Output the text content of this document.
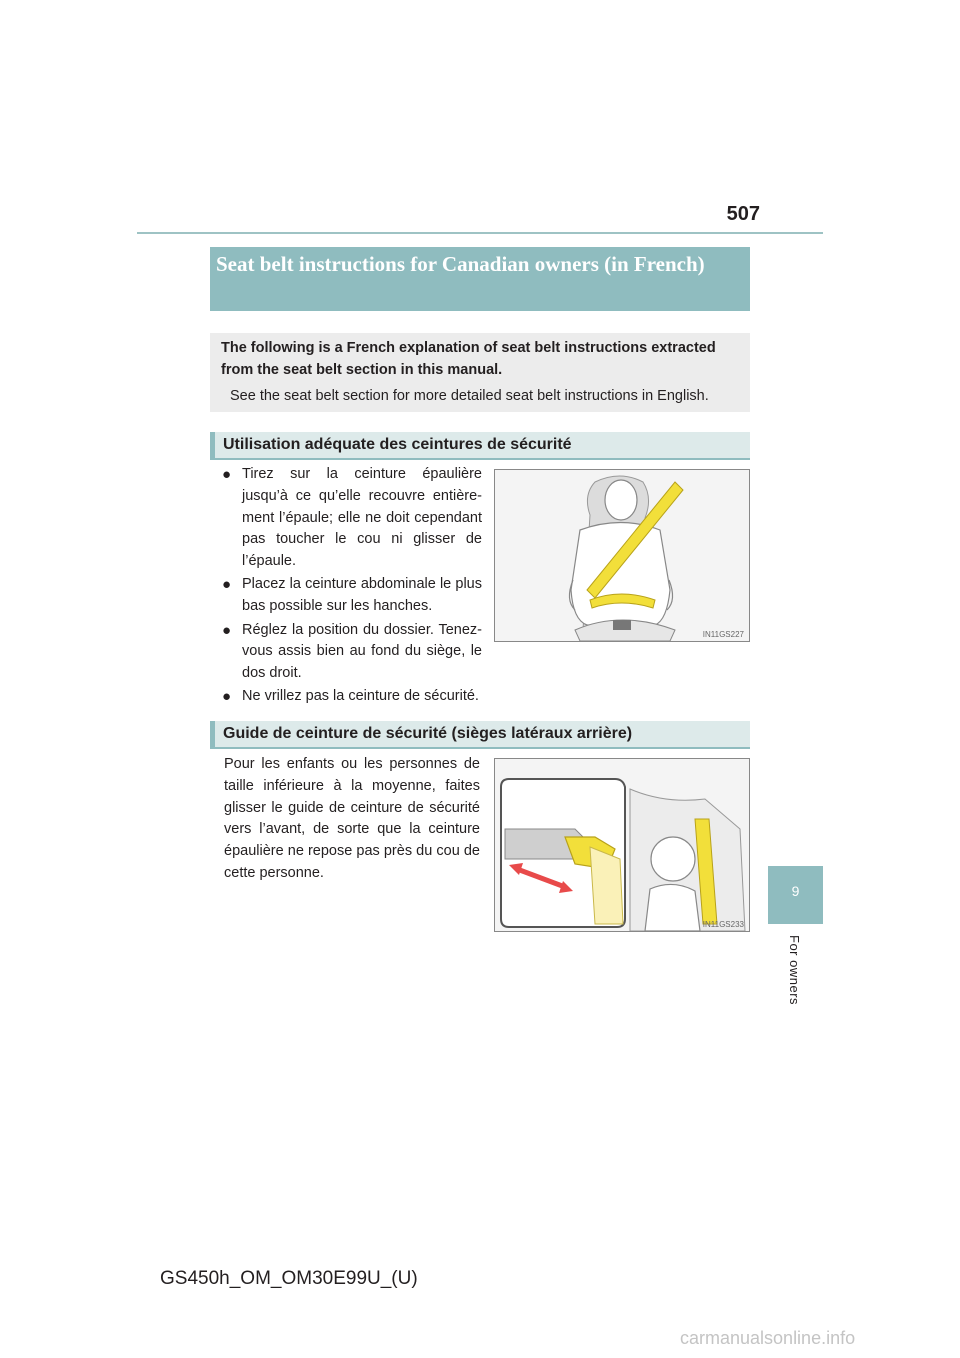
507
Seat belt instructions for Canadian owners (in French)
The following is a French explanation of seat belt instructions extracted from the seat belt section in this manual.
See the seat belt section for more detailed seat belt instructions in English.
Utilisation adéquate des ceintures de sécurité
● Tirez sur la ceinture épaulière jusqu’à ce qu’elle recouvre entière-ment l’épaule; elle ne doit cependant pas toucher le cou ni glisser de l’épaule.
● Placez la ceinture abdominale le plus bas possible sur les hanches.
● Réglez la position du dossier. Tenez-vous assis bien au fond du siège, le dos droit.
● Ne vrillez pas la ceinture de sécurité.
IN11GS227
Guide de ceinture de sécurité (sièges latéraux arrière)
Pour les enfants ou les personnes de taille inférieure à la moyenne, faites glisser le guide de ceinture de sécurité vers l’avant, de sorte que la ceinture épaulière ne repose pas près du cou de cette personne.
IN11GS233
9
For owners
GS450h_OM_OM30E99U_(U)
carmanualsonline.info
